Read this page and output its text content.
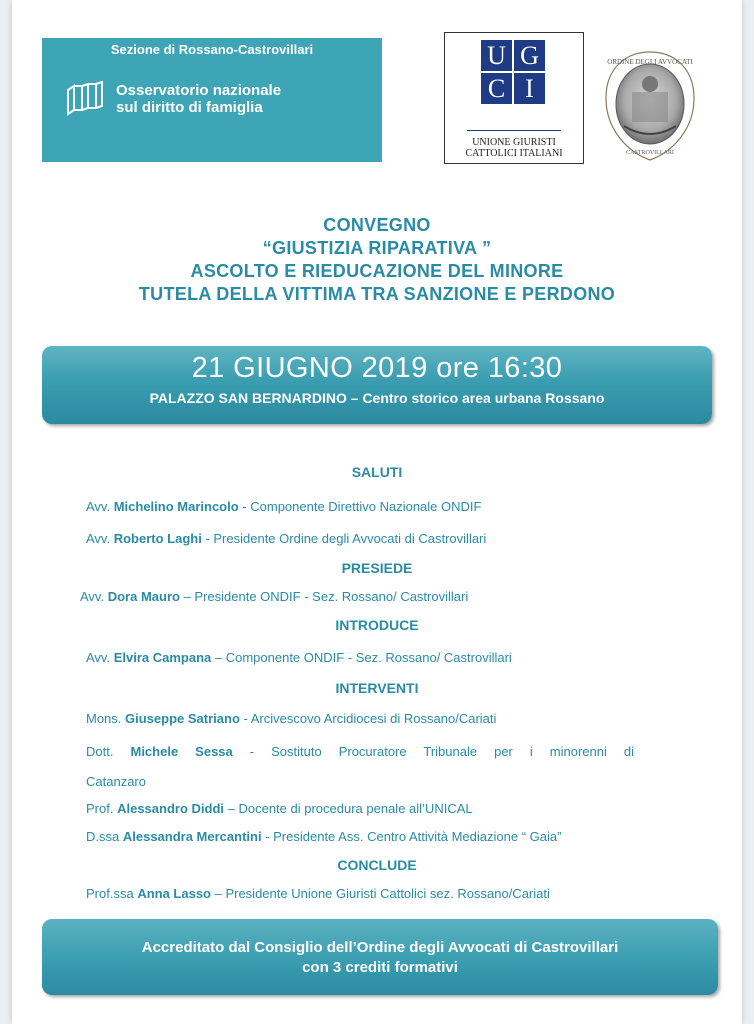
Sezione di Rossano-Castrovillari
Osservatorio nazionale
sul diritto di famiglia
U G
C I
UNIONE GIURISTI
CATTOLICI ITALIANI
ORDINE DEGLI AVVOCATI
CASTROVILLARI
CONVEGNO
“GIUSTIZIA RIPARATIVA ”
ASCOLTO E RIEDUCAZIONE DEL MINORE
TUTELA DELLA VITTIMA TRA SANZIONE E PERDONO
21 GIUGNO 2019 ore 16:30
PALAZZO SAN BERNARDINO – Centro storico area urbana Rossano
SALUTI
Avv. Michelino Marincolo - Componente Direttivo Nazionale ONDIF
Avv. Roberto Laghi - Presidente Ordine degli Avvocati di Castrovillari
PRESIEDE
Avv. Dora Mauro – Presidente ONDIF - Sez. Rossano/ Castrovillari
INTRODUCE
Avv. Elvira Campana – Componente ONDIF - Sez. Rossano/ Castrovillari
INTERVENTI
Mons. Giuseppe Satriano - Arcivescovo Arcidiocesi di Rossano/Cariati
Dott. Michele Sessa - Sostituto Procuratore Tribunale per i minorenni di
Catanzaro
Prof. Alessandro Diddi – Docente di procedura penale all’UNICAL
D.ssa Alessandra Mercantini - Presidente Ass. Centro Attività Mediazione “ Gaia”
CONCLUDE
Prof.ssa Anna Lasso – Presidente Unione Giuristi Cattolici sez. Rossano/Cariati
Accreditato dal Consiglio dell’Ordine degli Avvocati di Castrovillari
con 3 crediti formativi
